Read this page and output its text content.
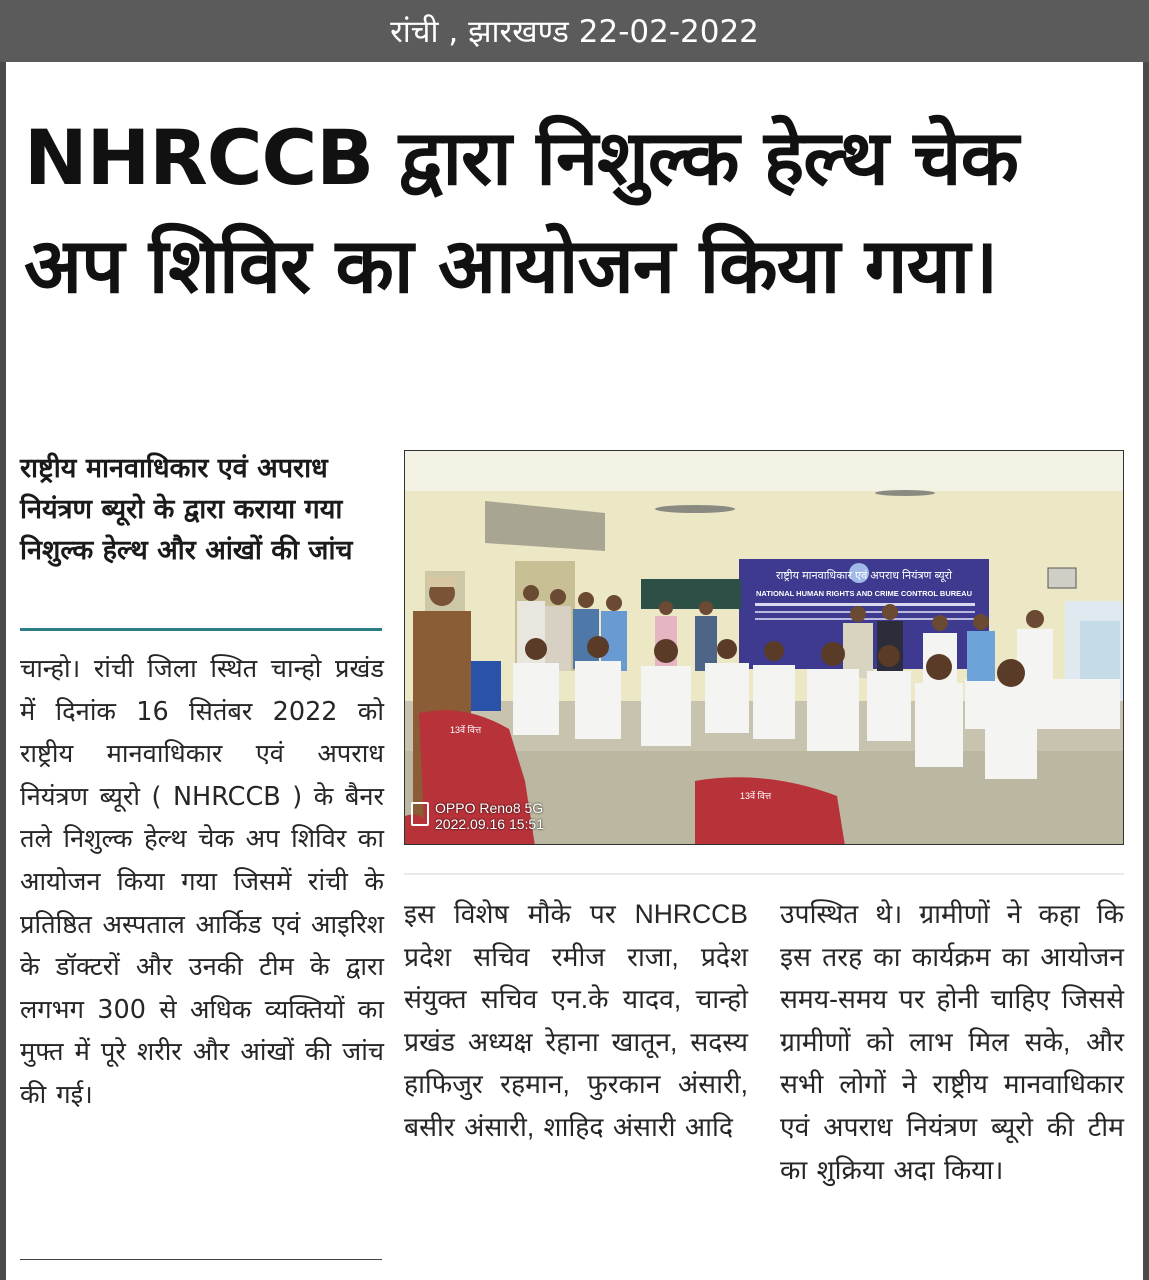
रांची , झारखण्ड 22-02-2022
NHRCCB द्वारा निशुल्क हेल्थ चेक अप शिविर का आयोजन किया गया।
राष्ट्रीय मानवाधिकार एवं अपराध नियंत्रण ब्यूरो के द्वारा कराया गया निशुल्क हेल्थ और आंखों की जांच
चान्हो। रांची जिला स्थित चान्हो प्रखंड में दिनांक 16 सितंबर 2022 को राष्ट्रीय मानवाधिकार एवं अपराध नियंत्रण ब्यूरो ( NHRCCB ) के बैनर तले निशुल्क हेल्थ चेक अप शिविर का आयोजन किया गया जिसमें रांची के प्रतिष्ठित अस्पताल आर्किड एवं आइरिश के डॉक्टरों और उनकी टीम के द्वारा लगभग 300 से अधिक व्यक्तियों का मुफ्त में पूरे शरीर और आंखों की जांच की गई।
राष्ट्रीय मानवाधिकार एवं अपराध नियंत्रण ब्यूरो
NATIONAL HUMAN RIGHTS AND CRIME CONTROL BUREAU
13वें वित्त
13वें वित्त
OPPO Reno8 5G
2022.09.16 15:51
इस विशेष मौके पर NHRCCB प्रदेश सचिव रमीज राजा, प्रदेश संयुक्त सचिव एन.के यादव, चान्हो प्रखंड अध्यक्ष रेहाना खातून, सदस्य हाफिजुर रहमान, फुरकान अंसारी, बसीर अंसारी, शाहिद अंसारी आदि
उपस्थित थे। ग्रामीणों ने कहा कि इस तरह का कार्यक्रम का आयोजन समय-समय पर होनी चाहिए जिससे ग्रामीणों को लाभ मिल सके, और सभी लोगों ने राष्ट्रीय मानवाधिकार एवं अपराध नियंत्रण ब्यूरो की टीम का शुक्रिया अदा किया।
